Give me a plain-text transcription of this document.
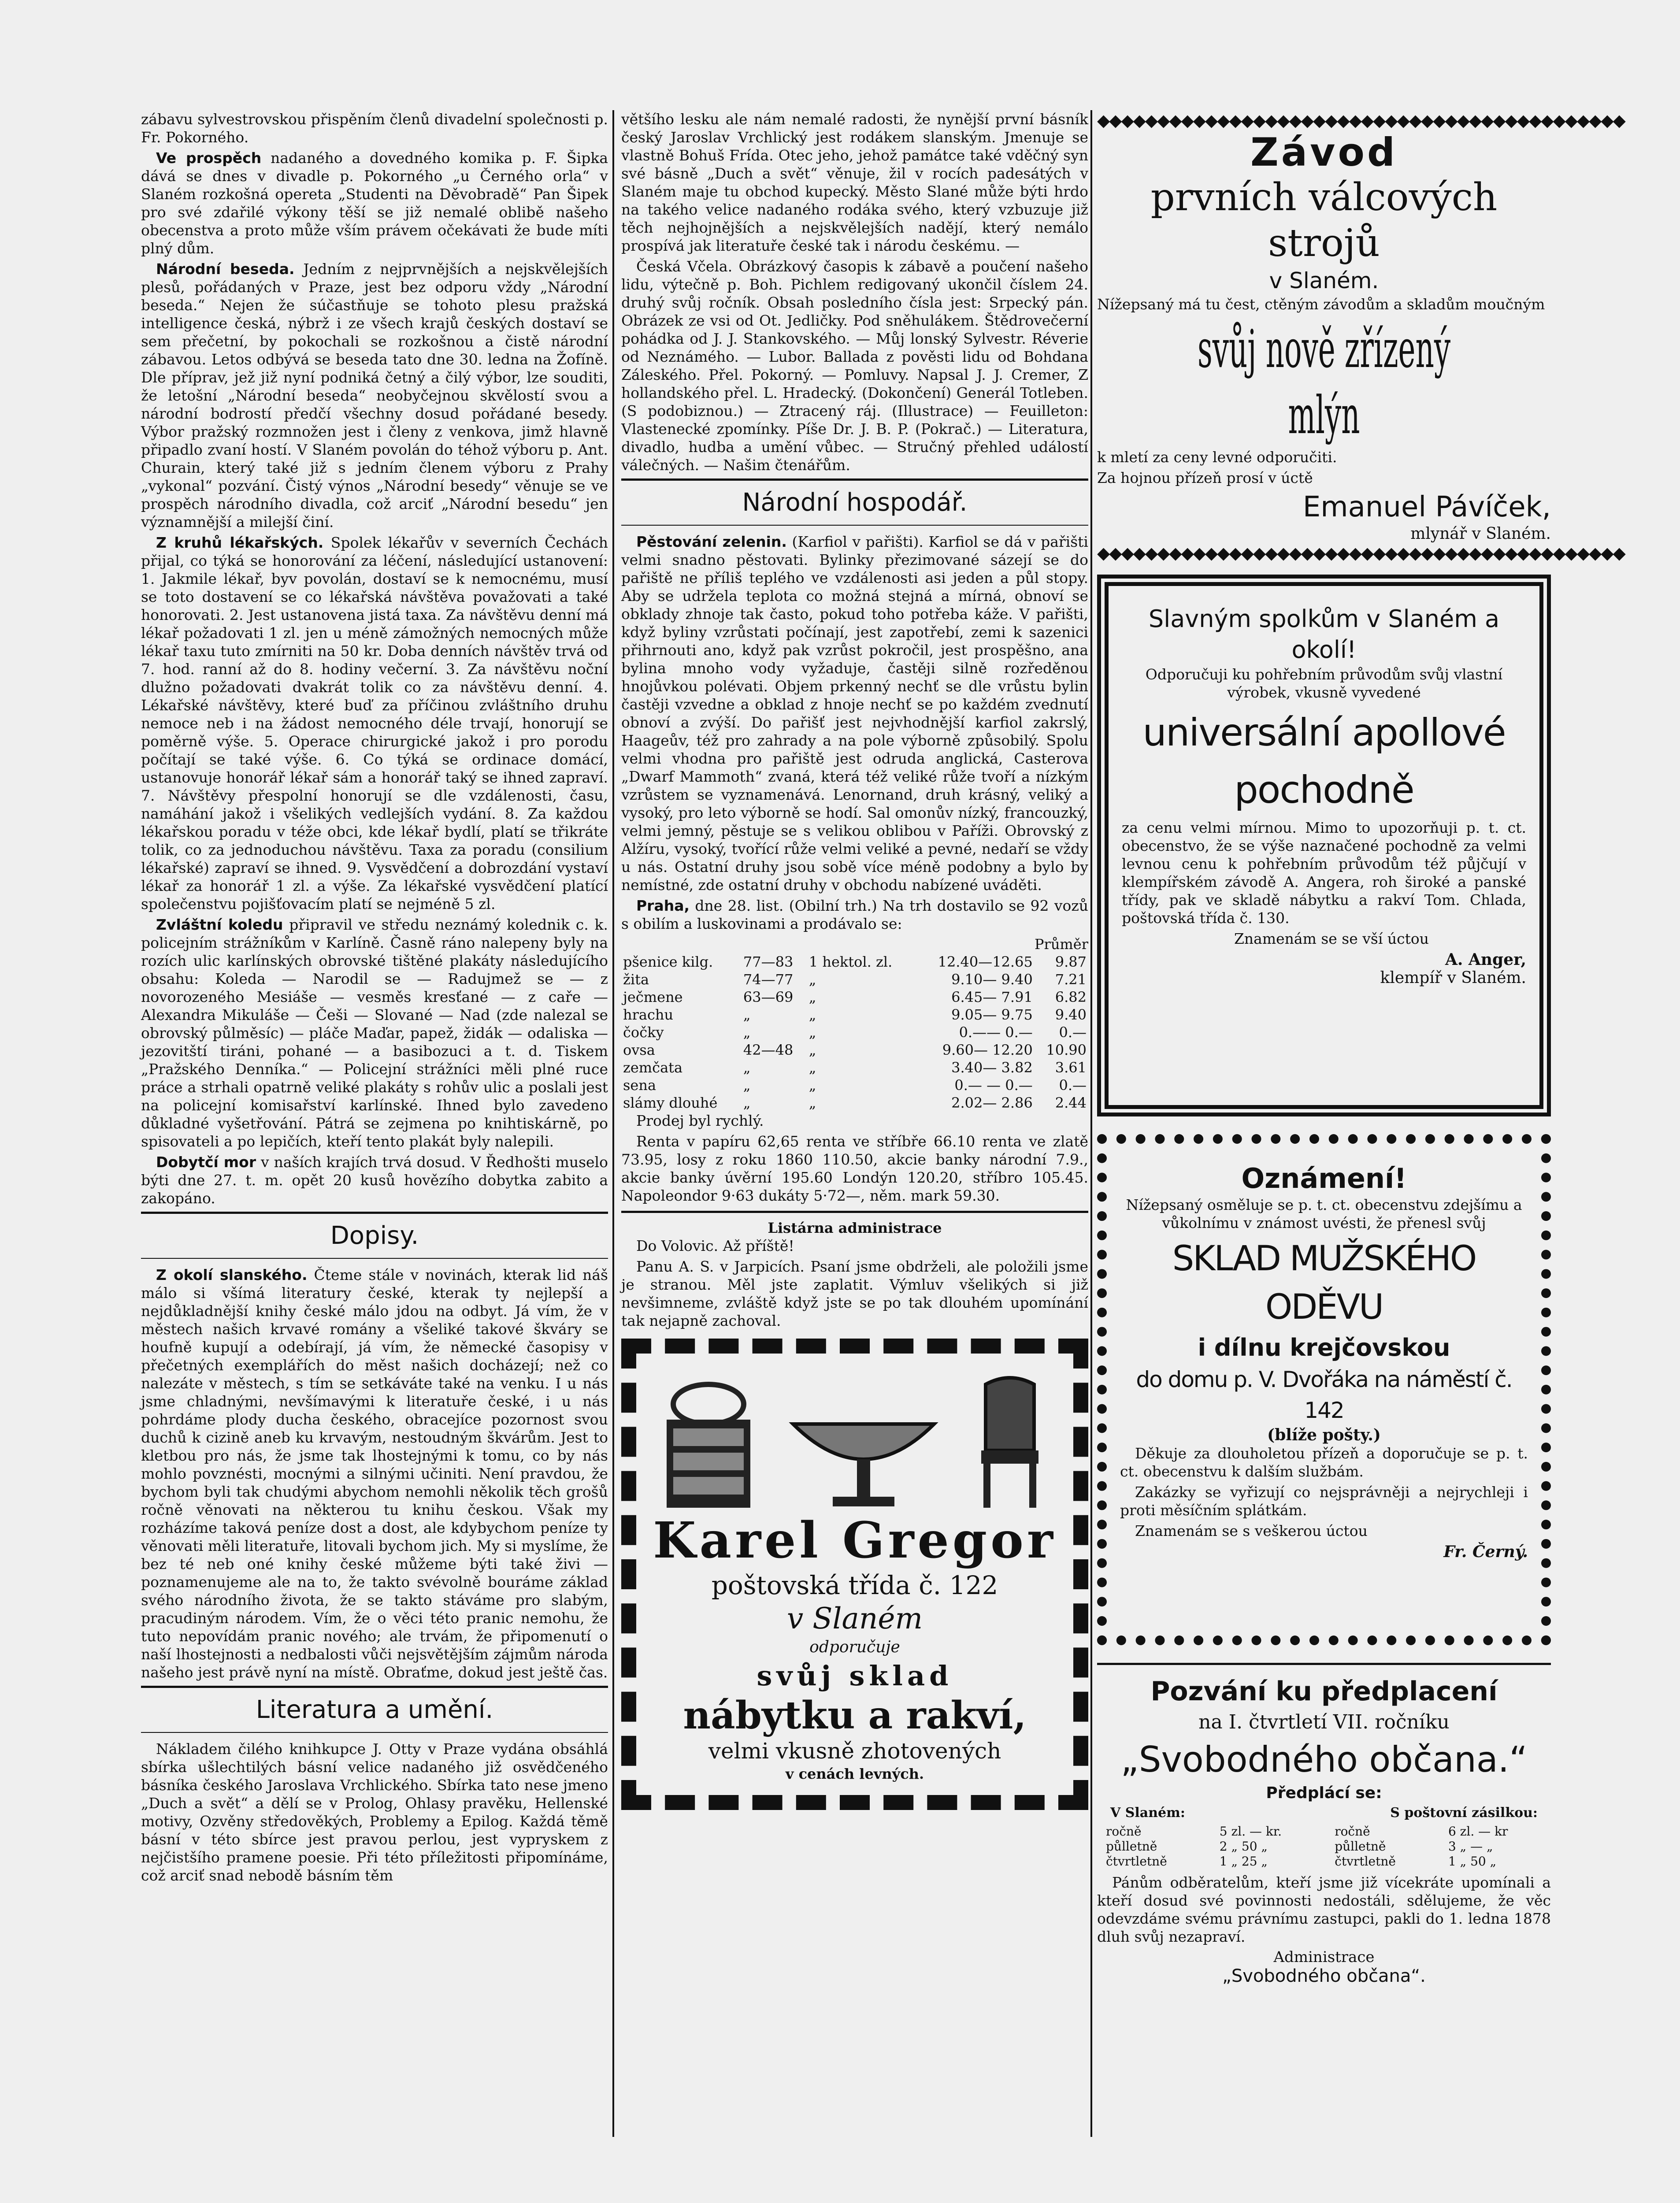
zábavu sylvestrovskou přispěním členů divadelní společnosti p. Fr. Pokorného.

Ve prospěch nadaného a dovedného komika p. F. Šipka dává se dnes v divadle p. Pokorného „u Černého orla“ v Slaném rozkošná opereta „Studenti na Děvobradě“ Pan Šipek pro své zdařilé výkony těší se již nemalé oblibě našeho obecenstva a proto může vším právem očekávati že bude míti plný dům.

Národní beseda. Jedním z nejprvnějších a nejskvělejších plesů, pořádaných v Praze, jest bez odporu vždy „Národní beseda.“ Nejen že súčastňuje se tohoto plesu pražská intelligence česká, nýbrž i ze všech krajů českých dostaví se sem přečetní, by pokochali se rozkošnou a čistě národní zábavou. Letos odbývá se beseda tato dne 30. ledna na Žofíně. Dle příprav, jež již nyní podniká četný a čilý výbor, lze souditi, že letošní „Národní beseda“ neobyčejnou skvělostí svou a národní bodrostí předčí všechny dosud pořádané besedy. Výbor pražský rozmnožen jest i členy z venkova, jimž hlavně připadlo zvaní hostí. V Slaném povolán do téhož výboru p. Ant. Churain, který také již s jedním členem výboru z Prahy „vykonal“ pozvání. Čistý výnos „Národní besedy“ věnuje se ve prospěch národního divadla, což arciť „Národní besedu“ jen významnější a milejší činí.

Z kruhů lékařských. Spolek lékařův v severních Čechách přijal, co týká se honorování za léčení, následující ustanovení: 1. Jakmile lékař, byv povolán, dostaví se k nemocnému, musí se toto dostavení se co lékařská návštěva považovati a také honorovati. 2. Jest ustanovena jistá taxa. Za návštěvu denní má lékař požadovati 1 zl. jen u méně zámožných nemocných může lékař taxu tuto zmírniti na 50 kr. Doba denních návštěv trvá od 7. hod. ranní až do 8. hodiny večerní. 3. Za návštěvu noční dlužno požadovati dvakrát tolik co za návštěvu denní. 4. Lékařské návštěvy, které buď za příčinou zvláštního druhu nemoce neb i na žádost nemocného déle trvají, honorují se poměrně výše. 5. Operace chirurgické jakož i pro porodu počítají se také výše. 6. Co týká se ordinace domácí, ustanovuje honorář lékař sám a honorář taký se ihned zapraví. 7. Návštěvy přespolní honorují se dle vzdálenosti, času, namáhání jakož i všelikých vedlejších vydání. 8. Za každou lékařskou poradu v téže obci, kde lékař bydlí, platí se třikráte tolik, co za jednoduchou návštěvu. Taxa za poradu (consilium lékařské) zapraví se ihned. 9. Vysvědčení a dobrozdání vystaví lékař za honorář 1 zl. a výše. Za lékařské vysvědčení platící společenstvu pojišťovacím platí se nejméně 5 zl.

Zvláštní koledu připravil ve středu neznámý kolednik c. k. policejním strážníkům v Karlíně. Časně ráno nalepeny byly na rozích ulic karlínských obrovské tištěné plakáty následujícího obsahu: Koleda — Narodil se — Radujmež se — z novorozeného Mesiáše — vesměs kresťané — z caře — Alexandra Mikuláše — Češi — Slované — Nad (zde nalezal se obrovský půlměsíc) — pláče Maďar, papež, židák — odaliska — jezovitští tiráni, pohané — a basibozuci a t. d. Tiskem „Pražského Denníka.“ — Policejní strážníci měli plné ruce práce a strhali opatrně veliké plakáty s rohův ulic a poslali jest na policejní komisařství karlínské. Ihned bylo zavedeno důkladné vyšetřování. Pátrá se zejmena po knihtiskárně, po spisovateli a po lepičích, kteří tento plakát byly nalepili.

Dobytčí mor v naších krajích trvá dosud. V Ředhošti muselo býti dne 27. t. m. opět 20 kusů hovězího dobytka zabito a zakopáno.

Dopisy.

Z okolí slanského. Čteme stále v novinách, kterak lid náš málo si všímá literatury české, kterak ty nejlepší a nejdůkladnější knihy české málo jdou na odbyt. Já vím, že v městech našich krvavé romány a všeliké takové škváry se houfně kupují a odebírají, já vím, že německé časopisy v přečetných exemplářích do měst našich docházejí; než co nalezáte v městech, s tím se setkáváte také na venku. I u nás jsme chladnými, nevšímavými k literatuře české, i u nás pohrdáme plody ducha českého, obracejíce pozornost svou duchů k cizině aneb ku krvavým, nestoudným škvárům. Jest to kletbou pro nás, že jsme tak lhostejnými k tomu, co by nás mohlo povznésti, mocnými a silnými učiniti. Není pravdou, že bychom byli tak chudými abychom nemohli několik těch grošů ročně věnovati na některou tu knihu českou. Však my rozházíme taková peníze dost a dost, ale kdybychom peníze ty věnovati měli literatuře, litovali bychom jich. My si myslíme, že bez té neb oné knihy české můžeme býti také živi — poznamenujeme ale na to, že takto svévolně bouráme základ svého národního života, že se takto stáváme pro slabým, pracudiným národem. Vím, že o věci této pranic nemohu, že tuto nepovídám pranic nového; ale trvám, že připomenutí o naší lhostejnosti a nedbalosti vůči nejsvětějším zájmům národa našeho jest právě nyní na místě. Obraťme, dokud jest ještě čas.

Literatura a umění.

Nákladem čilého knihkupce J. Otty v Praze vydána obsáhlá sbírka ušlechtilých básní velice nadaného již osvědčeného básníka českého Jaroslava Vrchlického. Sbírka tato nese jmeno „Duch a svět“ a dělí se v Prolog, Ohlasy pravěku, Hellenské motivy, Ozvěny středověkých, Problemy a Epilog. Každá těmě básní v této sbírce jest pravou perlou, jest vypryskem z nejčistšího pramene poesie. Při této příležitosti připomínáme, což arciť snad nebodě básním těm

většího lesku ale nám nemalé radosti, že nynější první básník český Jaroslav Vrchlický jest rodákem slanským. Jmenuje se vlastně Bohuš Frída. Otec jeho, jehož památce také vděčný syn své básně „Duch a svět“ věnuje, žil v rocích padesátých v Slaném maje tu obchod kupecký. Město Slané může býti hrdo na takého velice nadaného rodáka svého, který vzbuzuje již těch nejhojnějších a nejskvělejších nadějí, který nemálo prospívá jak literatuře české tak i národu českému. —

Česká Včela. Obrázkový časopis k zábavě a poučení našeho lidu, výtečně p. Boh. Pichlem redigovaný ukončil číslem 24. druhý svůj ročník. Obsah posledního čísla jest: Srpecký pán. Obrázek ze vsi od Ot. Jedličky. Pod sněhulákem. Štědrovečerní pohádka od J. J. Stankovského. — Můj lonský Sylvestr. Réverie od Neznámého. — Lubor. Ballada z pověsti lidu od Bohdana Záleského. Přel. Pokorný. — Pomluvy. Napsal J. J. Cremer, Z hollandského přel. L. Hradecký. (Dokončení) Generál Totleben. (S podobiznou.) — Ztracený ráj. (Illustrace) — Feuilleton: Vlastenecké zpomínky. Píše Dr. J. B. P. (Pokrač.) — Literatura, divadlo, hudba a umění vůbec. — Stručný přehled událostí válečných. — Našim čtenářům.

Národní hospodář.

Pěstování zelenin. (Karfiol v pařišti). Karfiol se dá v pařišti velmi snadno pěstovati. Bylinky přezimované sázejí se do pařiště ne příliš teplého ve vzdálenosti asi jeden a půl stopy. Aby se udržela teplota co možná stejná a mírná, obnoví se obklady zhnoje tak často, pokud toho potřeba káže. V pařišti, když byliny vzrůstati počínají, jest zapotřebí, zemi k sazenici přihrnouti ano, když pak vzrůst pokročil, jest prospěšno, ana bylina mnoho vody vyžaduje, častěji silně rozředěnou hnojůvkou polévati. Objem prkenný nechť se dle vrůstu bylin častěji vzvedne a obklad z hnoje nechť se po každém zvednutí obnoví a zvýší. Do pařišť jest nejvhodnější karfiol zakrslý, Haageův, též pro zahrady a na pole výborně způsobilý. Spolu velmi vhodna pro pařiště jest odruda anglická, Casterova „Dwarf Mammoth“ zvaná, která též veliké růže tvoří a nízkým vzrůstem se vyznamenává. Lenornand, druh krásný, veliký a vysoký, pro leto výborně se hodí. Sal omonův nízký, francouzký, velmi jemný, pěstuje se s velikou oblibou v Paříži. Obrovský z Alžíru, vysoký, tvořící růže velmi veliké a pevné, nedaří se vždy u nás. Ostatní druhy jsou sobě více méně podobny a bylo by nemístné, zde ostatní druhy v obchodu nabízené uváděti.

Praha, dne 28. list. (Obilní trh.) Na trh dostavilo se 92 vozů s obilím a luskovinami a prodávalo se:

Průměr
pšenice kilg.	77—83	1 hektol. zl.	12.40—12.65	9.87
žita	74—77	„	9.10— 9.40	7.21
ječmene	63—69	„	6.45— 7.91	6.82
hrachu	„	„	9.05— 9.75	9.40
čočky	„	„	0.—— 0.—	0.—
ovsa	42—48	„	9.60— 12.20	10.90
zemčata	„	„	3.40— 3.82	3.61
sena	„	„	0.— — 0.—	0.—
slámy dlouhé	„	„	2.02— 2.86	2.44

Prodej byl rychlý.

Renta v papíru 62,65 renta ve stříbře 66.10 renta ve zlatě 73.95, losy z roku 1860 110.50, akcie banky národní 7.9., akcie banky úvěrní 195.60 Londýn 120.20, stříbro 105.45. Napoleondor 9·63 dukáty 5·72—, něm. mark 59.30.

Listárna administrace

Do Volovic. Až příště!

Panu A. S. v Jarpicích. Psaní jsme obdrželi, ale položili jsme je stranou. Měl jste zaplatit. Výmluv všelikých si již nevšimneme, zvláště když jste se po tak dlouhém upomínání tak nejapně zachoval.

Karel Gregor
poštovská třída č. 122
v Slaném
odporučuje
svůj sklad
nábytku a rakví,
velmi vkusně zhotovených
v cenách levných.
◆◆◆◆◆◆◆◆◆◆◆◆◆◆◆◆◆◆◆◆◆◆◆◆◆◆◆◆◆◆◆◆◆◆◆◆◆◆◆◆◆◆◆◆
Závod
prvních válcových strojů
v Slaném.

Nížepsaný má tu čest, ctěným závodům a skladům moučným

svůj nově zřízený mlýn

k mletí za ceny levné odporučiti.

Za hojnou přízeň prosí v úctě

Emanuel Pávíček,
mlynář v Slaném.
◆◆◆◆◆◆◆◆◆◆◆◆◆◆◆◆◆◆◆◆◆◆◆◆◆◆◆◆◆◆◆◆◆◆◆◆◆◆◆◆◆◆◆◆
Slavným spolkům v Slaném a okolí!

Odporučuji ku pohřebním průvodům svůj vlastní výrobek, vkusně vyvedené

universální apollové pochodně

za cenu velmi mírnou. Mimo to upozorňuji p. t. ct. obecenstvo, že se výše naznačené pochodně za velmi levnou cenu k pohřebním průvodům též půjčují v klempířském závodě A. Angera, roh široké a panské třídy, pak ve skladě nábytku a rakví Tom. Chlada, poštovská třída č. 130.

Znamenám se se vší úctou

A. Anger,
klempíř v Slaném.
Oznámení!

Nížepsaný osměluje se p. t. ct. obecenstvu zdejšímu a vůkolnímu v známost uvésti, že přenesl svůj

SKLAD MUŽSKÉHO ODĚVU
i dílnu krejčovskou
do domu p. V. Dvořáka na náměstí č. 142
(blíže pošty.)

Děkuje za dlouholetou přízeň a doporučuje se p. t. ct. obecenstvu k dalším službám.

Zakázky se vyřizují co nejsprávněji a nejrychleji i proti měsíčním splátkám.

Znamenám se s veškerou úctou

Fr. Černý.
Pozvání ku předplacení
na I. čtvrtletí VII. ročníku
„Svobodného občana.“
Předplácí se:
V Slaném:	S poštovní zásilkou:
ročně	5 zl. — kr.	ročně	6 zl. — kr
půlletně	2 „ 50 „	půlletně	3 „ — „
čtvrtletně	1 „ 25 „	čtvrtletně	1 „ 50 „

Pánům odběratelům, kteří jsme již vícekráte upomínali a kteří dosud své povinnosti nedostáli, sdělujeme, že věc odevzdáme svému právnímu zastupci, pakli do 1. ledna 1878 dluh svůj nezapraví.

Administrace
„Svobodného občana“.
